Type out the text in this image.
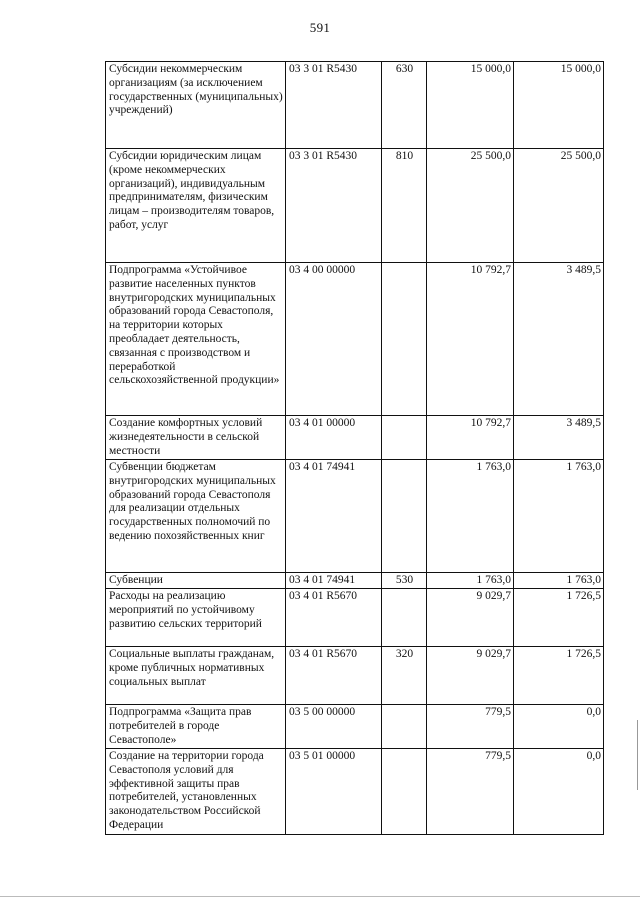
591
Субсидии некоммерческим организациям (за исключением государственных (муниципальных) учреждений)	03 3 01 R5430	630	15 000,0	15 000,0
Субсидии юридическим лицам (кроме некоммерческих организаций), индивидуальным предпринимателям, физическим лицам – производителям товаров, работ, услуг	03 3 01 R5430	810	25 500,0	25 500,0
Подпрограмма «Устойчивое развитие населенных пунктов внутригородских муниципальных образований города Севастополя, на территории которых преобладает деятельность, связанная с производством и переработкой сельскохозяйственной продукции»	03 4 00 00000		10 792,7	3 489,5
Создание комфортных условий жизнедеятельности в сельской местности	03 4 01 00000		10 792,7	3 489,5
Субвенции бюджетам внутригородских муниципальных образований города Севастополя для реализации отдельных государственных полномочий по ведению похозяйственных книг	03 4 01 74941		1 763,0	1 763,0
Субвенции	03 4 01 74941	530	1 763,0	1 763,0
Расходы на реализацию мероприятий по устойчивому развитию сельских территорий	03 4 01 R5670		9 029,7	1 726,5
Социальные выплаты гражданам, кроме публичных нормативных социальных выплат	03 4 01 R5670	320	9 029,7	1 726,5
Подпрограмма «Защита прав потребителей в городе Севастополе»	03 5 00 00000		779,5	0,0
Создание на территории города Севастополя условий для эффективной защиты прав потребителей, установленных законодательством Российской Федерации	03 5 01 00000		779,5	0,0
